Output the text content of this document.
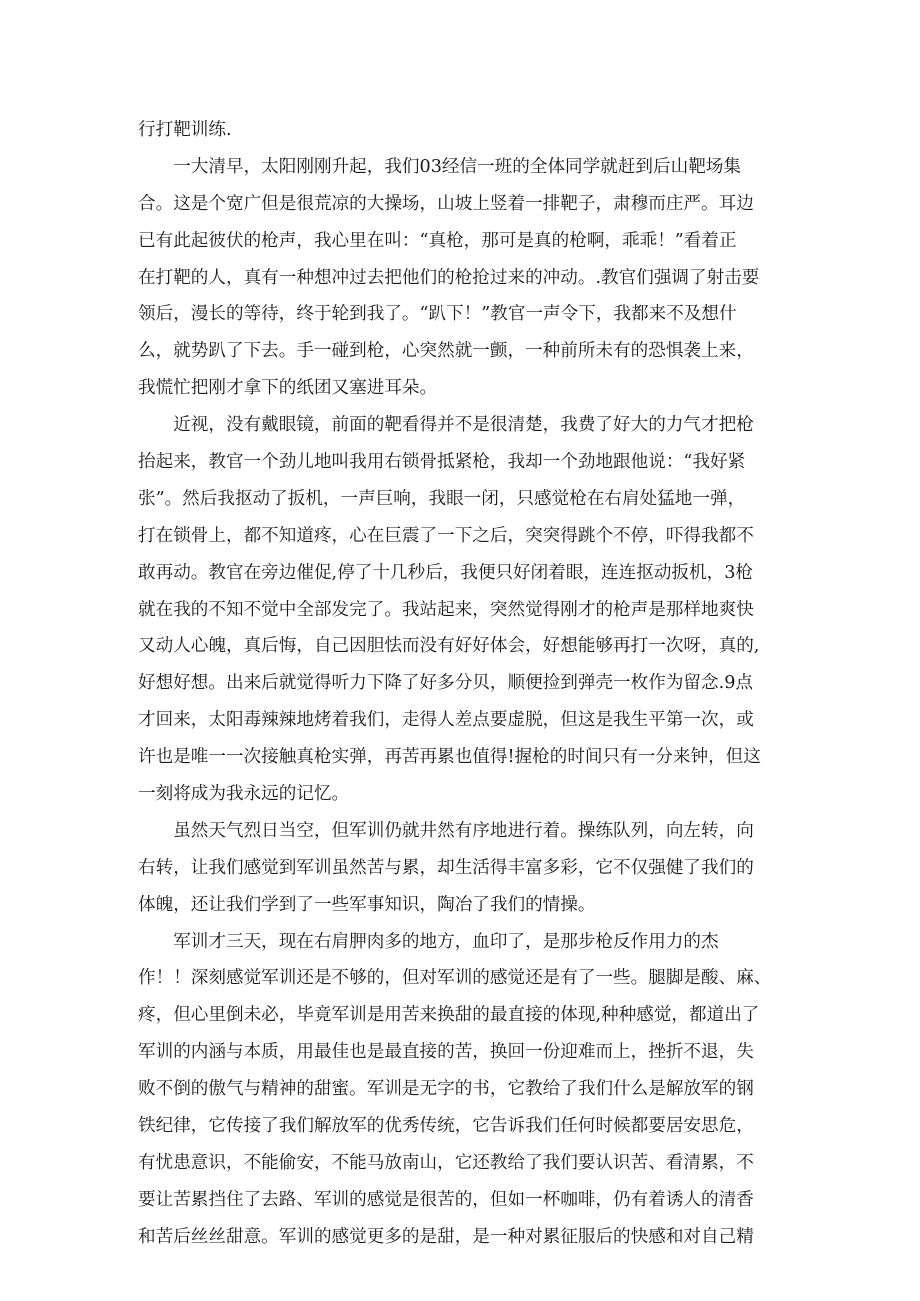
行打靶训练.
　　一大清早，太阳刚刚升起，我们03经信一班的全体同学就赶到后山靶场集
合。这是个宽广但是很荒凉的大操场，山坡上竖着一排靶子，肃穆而庄严。耳边
已有此起彼伏的枪声，我心里在叫：“真枪，那可是真的枪啊，乖乖！”看着正
在打靶的人，真有一种想冲过去把他们的枪抢过来的冲动。.教官们强调了射击要
领后，漫长的等待，终于轮到我了。“趴下！”教官一声令下，我都来不及想什
么，就势趴了下去。手一碰到枪，心突然就一颤，一种前所未有的恐惧袭上来，
我慌忙把刚才拿下的纸团又塞进耳朵。
　　近视，没有戴眼镜，前面的靶看得并不是很清楚，我费了好大的力气才把枪
抬起来，教官一个劲儿地叫我用右锁骨抵紧枪，我却一个劲地跟他说：“我好紧
张”。然后我抠动了扳机，一声巨响，我眼一闭，只感觉枪在右肩处猛地一弹，
打在锁骨上，都不知道疼，心在巨震了一下之后，突突得跳个不停，吓得我都不
敢再动。教官在旁边催促,停了十几秒后，我便只好闭着眼，连连抠动扳机，3枪
就在我的不知不觉中全部发完了。我站起来，突然觉得刚才的枪声是那样地爽快
又动人心魄，真后悔，自己因胆怯而没有好好体会，好想能够再打一次呀，真的,
好想好想。出来后就觉得听力下降了好多分贝，顺便捡到弹壳一枚作为留念.9点
才回来，太阳毒辣辣地烤着我们，走得人差点要虚脱，但这是我生平第一次，或
许也是唯一一次接触真枪实弹，再苦再累也值得!握枪的时间只有一分来钟，但这
一刻将成为我永远的记忆。
　　虽然天气烈日当空，但军训仍就井然有序地进行着。操练队列，向左转，向
右转，让我们感觉到军训虽然苦与累，却生活得丰富多彩，它不仅强健了我们的
体魄，还让我们学到了一些军事知识，陶冶了我们的情操。
　　军训才三天，现在右肩胛肉多的地方，血印了，是那步枪反作用力的杰
作！！深刻感觉军训还是不够的，但对军训的感觉还是有了一些。腿脚是酸、麻、
疼，但心里倒未必，毕竟军训是用苦来换甜的最直接的体现,种种感觉，都道出了
军训的内涵与本质，用最佳也是最直接的苦，换回一份迎难而上，挫折不退，失
败不倒的傲气与精神的甜蜜。军训是无字的书，它教给了我们什么是解放军的钢
铁纪律，它传接了我们解放军的优秀传统，它告诉我们任何时候都要居安思危，
有忧患意识，不能偷安，不能马放南山，它还教给了我们要认识苦、看清累，不
要让苦累挡住了去路、军训的感觉是很苦的，但如一杯咖啡，仍有着诱人的清香
和苦后丝丝甜意。军训的感觉更多的是甜，是一种对累征服后的快感和对自己精
